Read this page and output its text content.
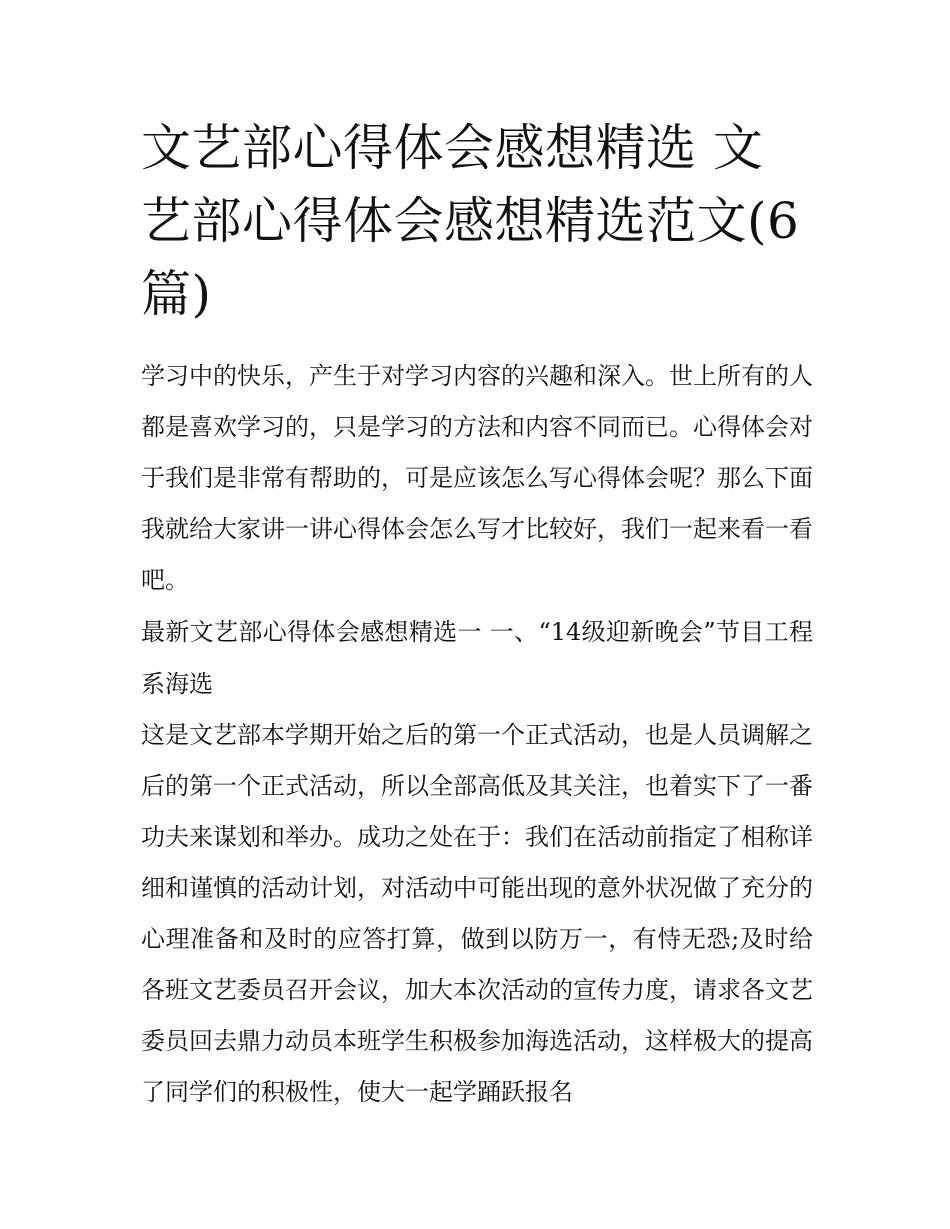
文艺部心得体会感想精选 文艺部心得体会感想精选范文(6篇)

学习中的快乐，产生于对学习内容的兴趣和深入。世上所有的人都是喜欢学习的，只是学习的方法和内容不同而已。心得体会对于我们是非常有帮助的，可是应该怎么写心得体会呢？那么下面我就给大家讲一讲心得体会怎么写才比较好，我们一起来看一看吧。

最新文艺部心得体会感想精选一 一、“14级迎新晚会”节目工程系海选

这是文艺部本学期开始之后的第一个正式活动，也是人员调解之后的第一个正式活动，所以全部高低及其关注，也着实下了一番功夫来谋划和举办。成功之处在于：我们在活动前指定了相称详细和谨慎的活动计划，对活动中可能出现的意外状况做了充分的心理准备和及时的应答打算，做到以防万一，有恃无恐;及时给各班文艺委员召开会议，加大本次活动的宣传力度，请求各文艺委员回去鼎力动员本班学生积极参加海选活动，这样极大的提高了同学们的积极性，使大一起学踊跃报名
